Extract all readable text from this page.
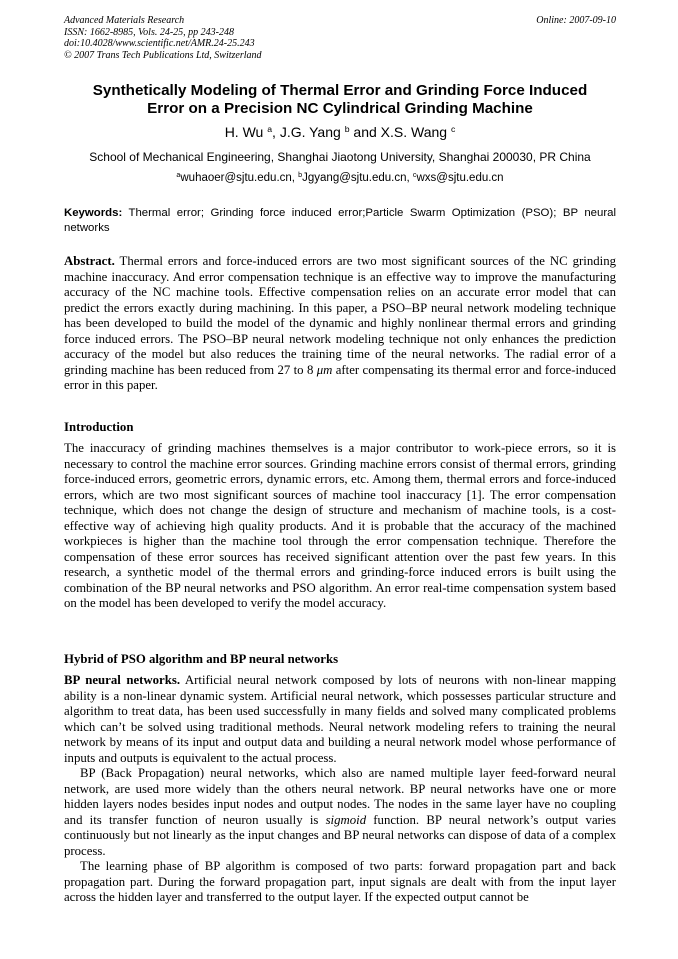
Advanced Materials Research
ISSN: 1662-8985, Vols. 24-25, pp 243-248
doi:10.4028/www.scientific.net/AMR.24-25.243
© 2007 Trans Tech Publications Ltd, Switzerland
Online: 2007-09-10
Synthetically Modeling of Thermal Error and Grinding Force Induced
Error on a Precision NC Cylindrical Grinding Machine
H. Wu $^a$, J.G. Yang $^b$ and X.S. Wang $^c$
School of Mechanical Engineering, Shanghai Jiaotong University, Shanghai 200030, PR China
$^a$wuhaoer@sjtu.edu.cn, $^b$Jgyang@sjtu.edu.cn, $^c$wxs@sjtu.edu.cn
Keywords: Thermal error; Grinding force induced error;Particle Swarm Optimization (PSO); BP neural networks
Abstract. Thermal errors and force-induced errors are two most significant sources of the NC grinding machine inaccuracy. And error compensation technique is an effective way to improve the manufacturing accuracy of the NC machine tools. Effective compensation relies on an accurate error model that can predict the errors exactly during machining. In this paper, a PSO–BP neural network modeling technique has been developed to build the model of the dynamic and highly nonlinear thermal errors and grinding force induced errors. The PSO–BP neural network modeling technique not only enhances the prediction accuracy of the model but also reduces the training time of the neural networks. The radial error of a grinding machine has been reduced from 27 to 8 μm after compensating its thermal error and force-induced error in this paper.
Introduction
The inaccuracy of grinding machines themselves is a major contributor to work-piece errors, so it is necessary to control the machine error sources. Grinding machine errors consist of thermal errors, grinding force-induced errors, geometric errors, dynamic errors, etc. Among them, thermal errors and force-induced errors, which are two most significant sources of machine tool inaccuracy [1]. The error compensation technique, which does not change the design of structure and mechanism of machine tools, is a cost-effective way of achieving high quality products. And it is probable that the accuracy of the machined workpieces is higher than the machine tool through the error compensation technique. Therefore the compensation of these error sources has received significant attention over the past few years. In this research, a synthetic model of the thermal errors and grinding-force induced errors is built using the combination of the BP neural networks and PSO algorithm. An error real-time compensation system based on the model has been developed to verify the model accuracy.
Hybrid of PSO algorithm and BP neural networks

BP neural networks. Artificial neural network composed by lots of neurons with non-linear mapping ability is a non-linear dynamic system. Artificial neural network, which possesses particular structure and algorithm to treat data, has been used successfully in many fields and solved many complicated problems which can’t be solved using traditional methods. Neural network modeling refers to training the neural network by means of its input and output data and building a neural network model whose performance of inputs and outputs is equivalent to the actual process.

BP (Back Propagation) neural networks, which also are named multiple layer feed-forward neural network, are used more widely than the others neural network. BP neural networks have one or more hidden layers nodes besides input nodes and output nodes. The nodes in the same layer have no coupling and its transfer function of neuron usually is sigmoid function. BP neural network’s output varies continuously but not linearly as the input changes and BP neural networks can dispose of data of a complex process.

The learning phase of BP algorithm is composed of two parts: forward propagation part and back propagation part. During the forward propagation part, input signals are dealt with from the input layer across the hidden layer and transferred to the output layer. If the expected output cannot be
